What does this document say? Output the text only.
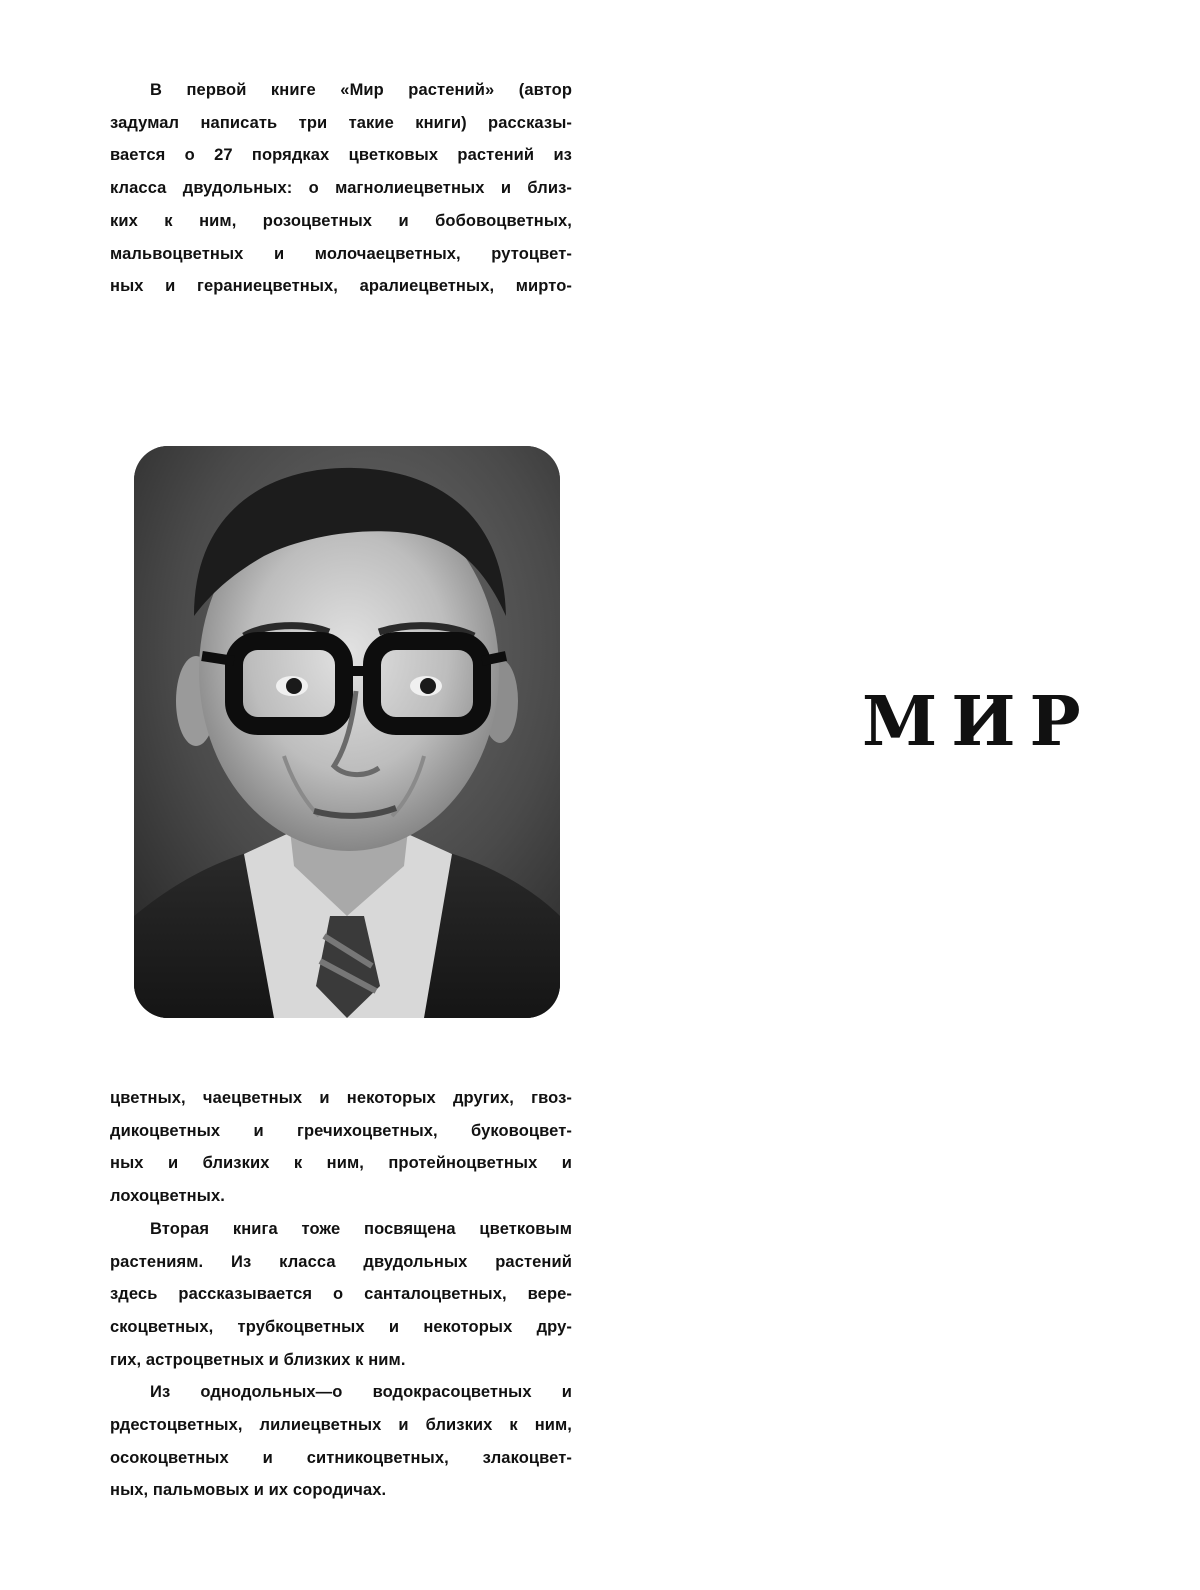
В первой книге «Мир растений» (автор
задумал написать три такие книги) рассказы-
вается о 27 порядках цветковых растений из
класса двудольных: о магнолиецветных и близ-
ких к ним, розоцветных и бобовоцветных,
мальвоцветных и молочаецветных, рутоцвет-
ных и гераниецветных, аралиецветных, мирто-

цветных, чаецветных и некоторых других, гвоз-
дикоцветных и гречихоцветных, буковоцвет-
ных и близких к ним, протейноцветных и
лохоцветных.

Вторая книга тоже посвящена цветковым
растениям. Из класса двудольных растений
здесь рассказывается о санталоцветных, вере-
скоцветных, трубкоцветных и некоторых дру-
гих, астроцветных и близких к ним.

Из однодольных—о водокрасоцветных и
рдестоцветных, лилиецветных и близких к ним,
осокоцветных и ситникоцветных, злакоцвет-
ных, пальмовых и их сородичах.

МИР
